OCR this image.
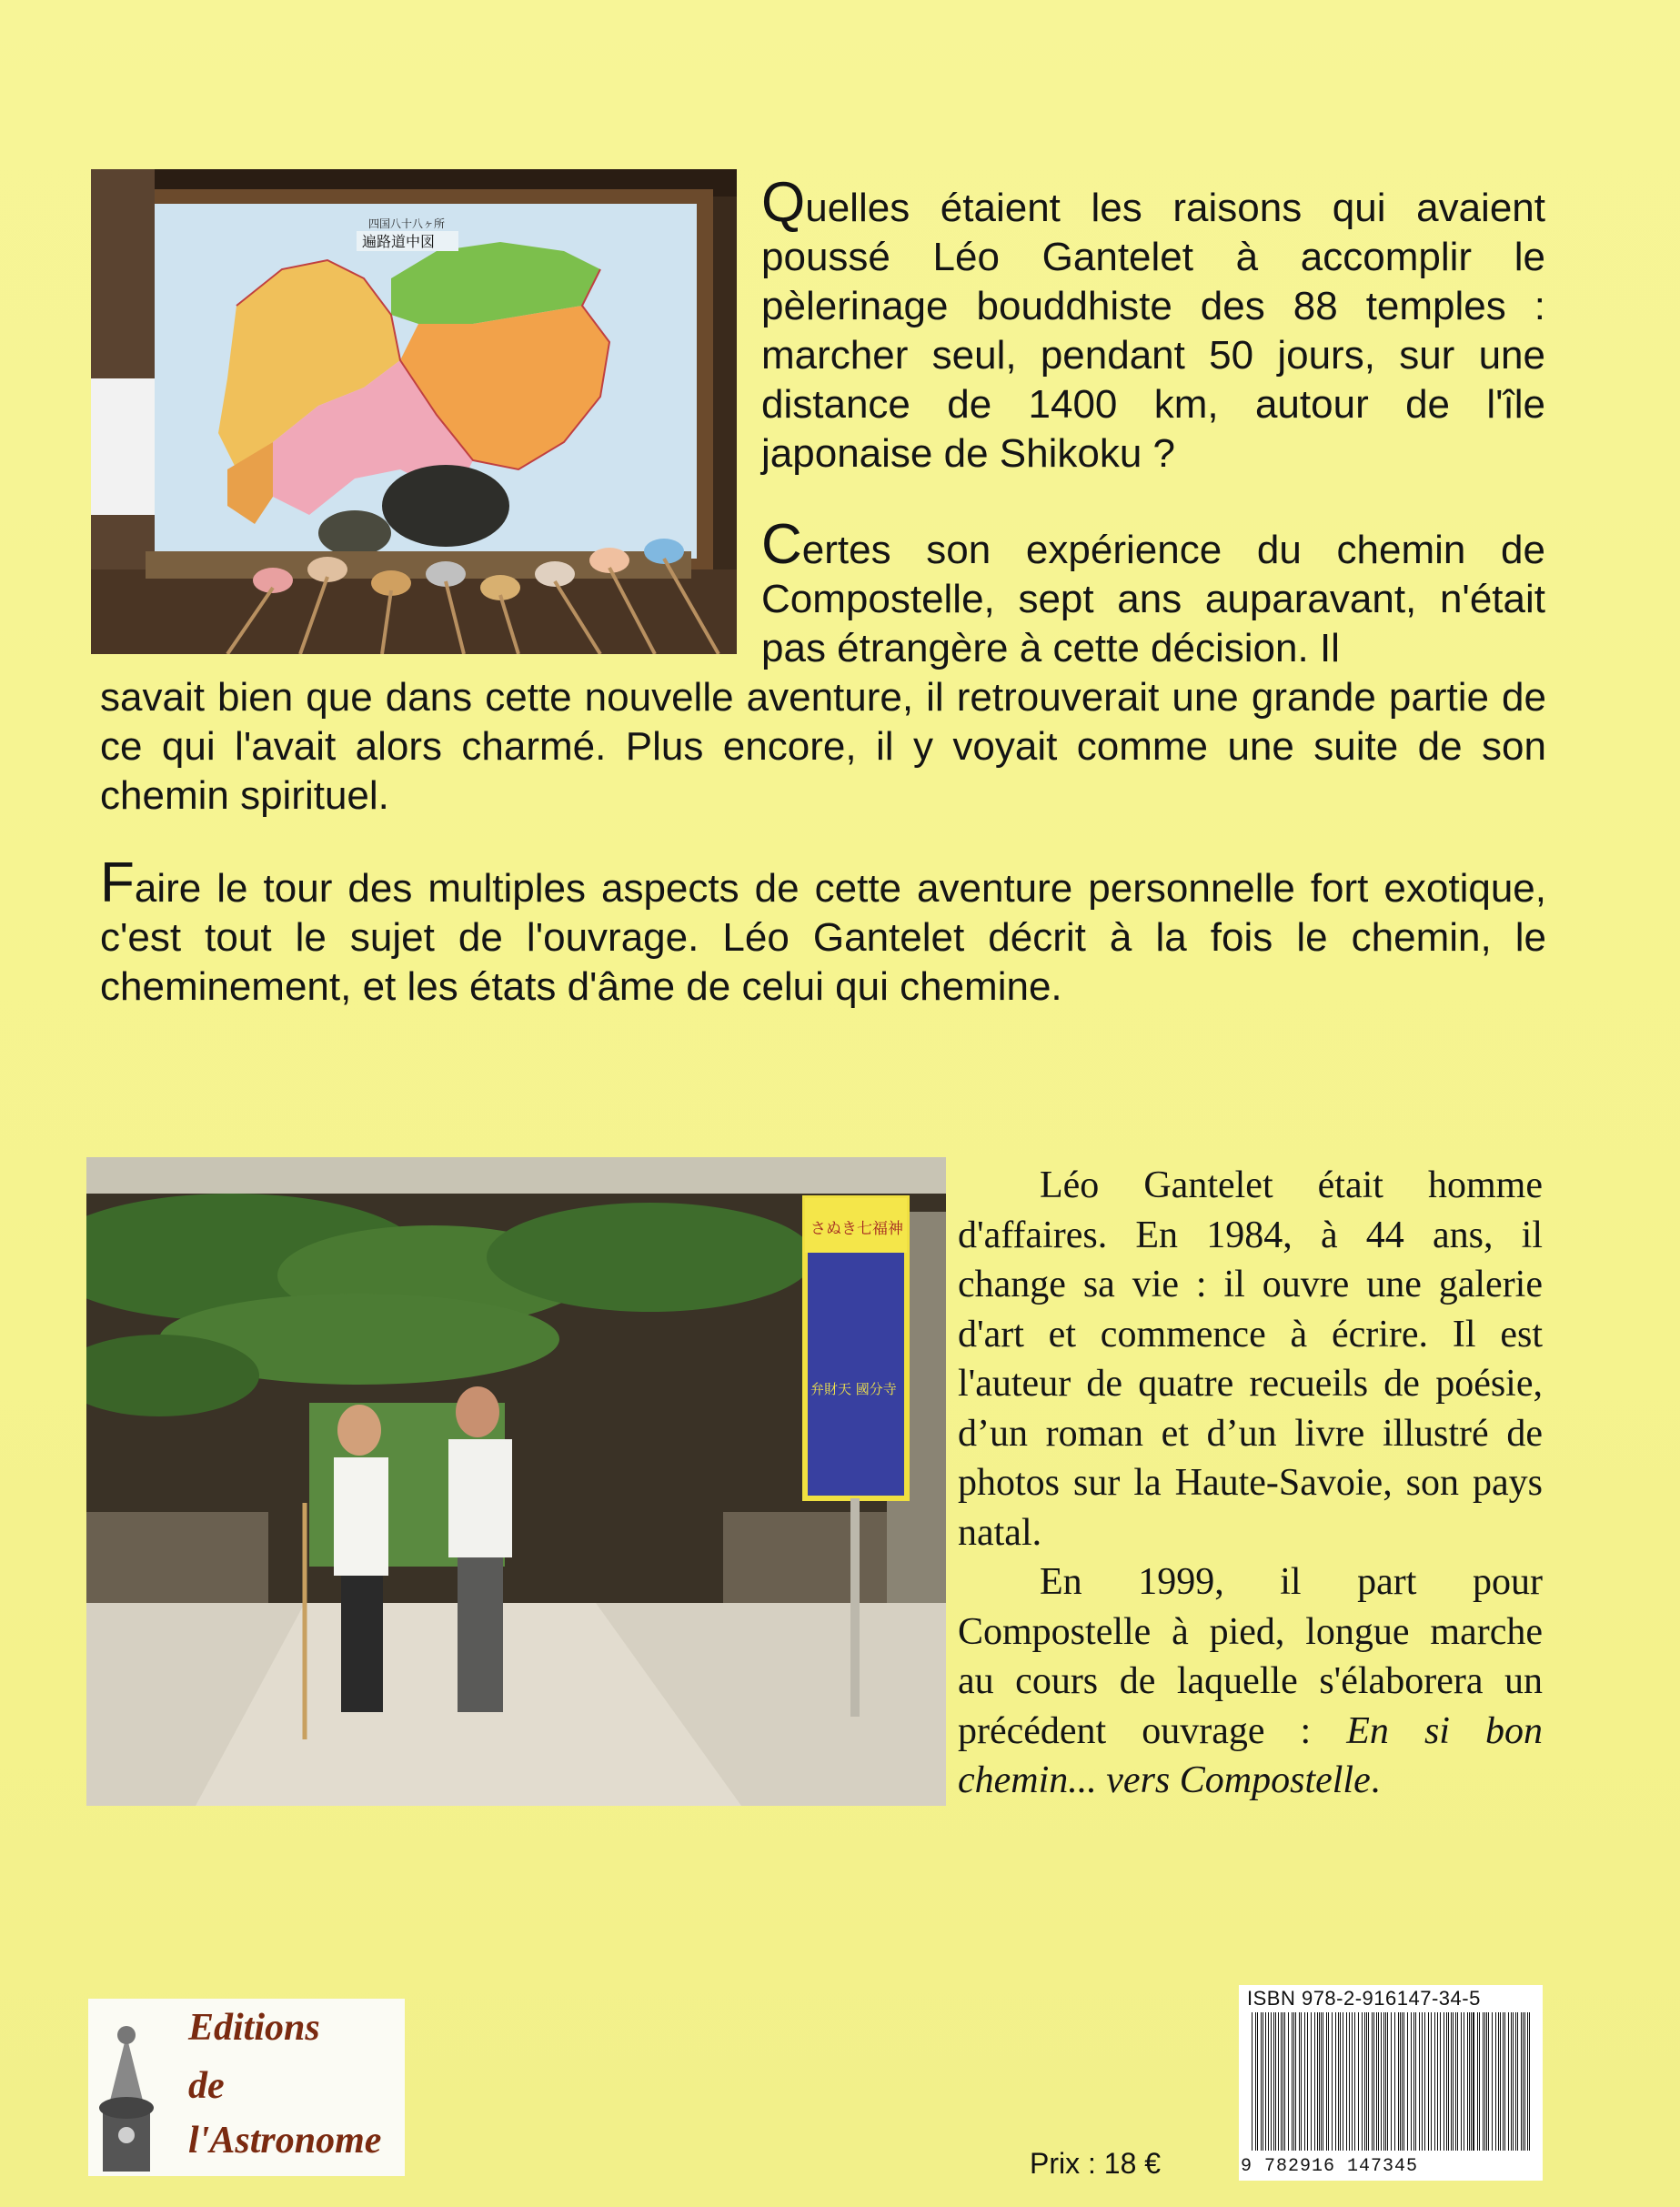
四国八十八ヶ所
遍路道中図

Quelles étaient les raisons qui avaient poussé Léo Gantelet à accomplir le pèlerinage bouddhiste des 88 temples : marcher seul, pendant 50 jours, sur une distance de 1400 km, autour de l'île japonaise de Shikoku ?

Certes son expérience du chemin de Compostelle, sept ans auparavant, n'était pas étrangère à cette décision. Il

savait bien que dans cette nouvelle aventure, il retrouverait une grande partie de ce qui l'avait alors charmé. Plus encore, il y voyait comme une suite de son chemin spirituel.

Faire le tour des multiples aspects de cette aventure personnelle fort exotique, c'est tout le sujet de l'ouvrage. Léo Gantelet décrit à la fois le chemin, le cheminement, et les états d'âme de celui qui chemine.

さぬき七福神
弁財天 國分寺

Léo Gantelet était homme d'affaires. En 1984, à 44 ans, il change sa vie : il ouvre une galerie d'art et commence à écrire. Il est l'auteur de quatre recueils de poésie, d’un roman et d’un livre illustré de photos sur la Haute-Savoie, son pays natal.

En 1999, il part pour Compostelle à pied, longue marche au cours de laquelle s'élaborera un précédent ouvrage : En si bon chemin... vers Compostelle.

Editions
de
l'Astronome
Prix : 18 €
ISBN 978-2-916147-34-5
9 782916 147345
